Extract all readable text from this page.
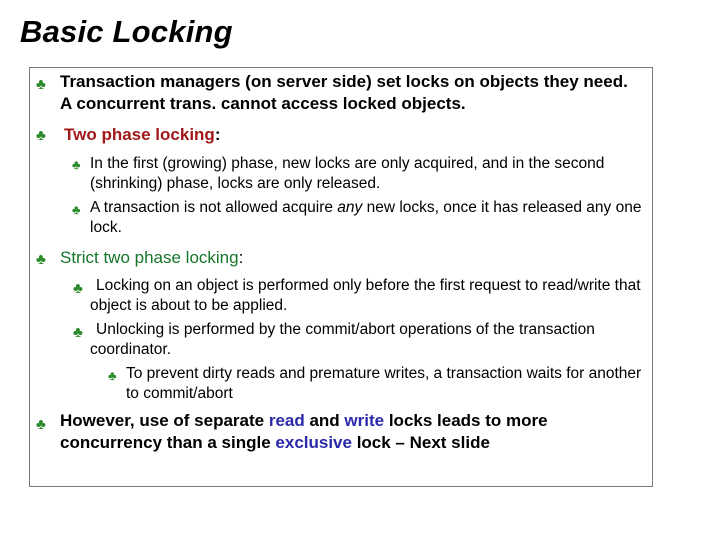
Basic Locking
♣ Transaction managers (on server side) set locks on objects they need. A concurrent trans. cannot access locked objects.
♣ Two phase locking:
♣ In the first (growing) phase, new locks are only acquired, and in the second (shrinking) phase, locks are only released.
♣ A transaction is not allowed acquire any new locks, once it has released any one lock.
♣ Strict two phase locking:
♣ Locking on an object is performed only before the first request to read/write that object is about to be applied.
♣ Unlocking is performed by the commit/abort operations of the transaction coordinator.
♣ To prevent dirty reads and premature writes, a transaction waits for another to commit/abort
♣ However, use of separate read and write locks leads to more concurrency than a single exclusive lock – Next slide
